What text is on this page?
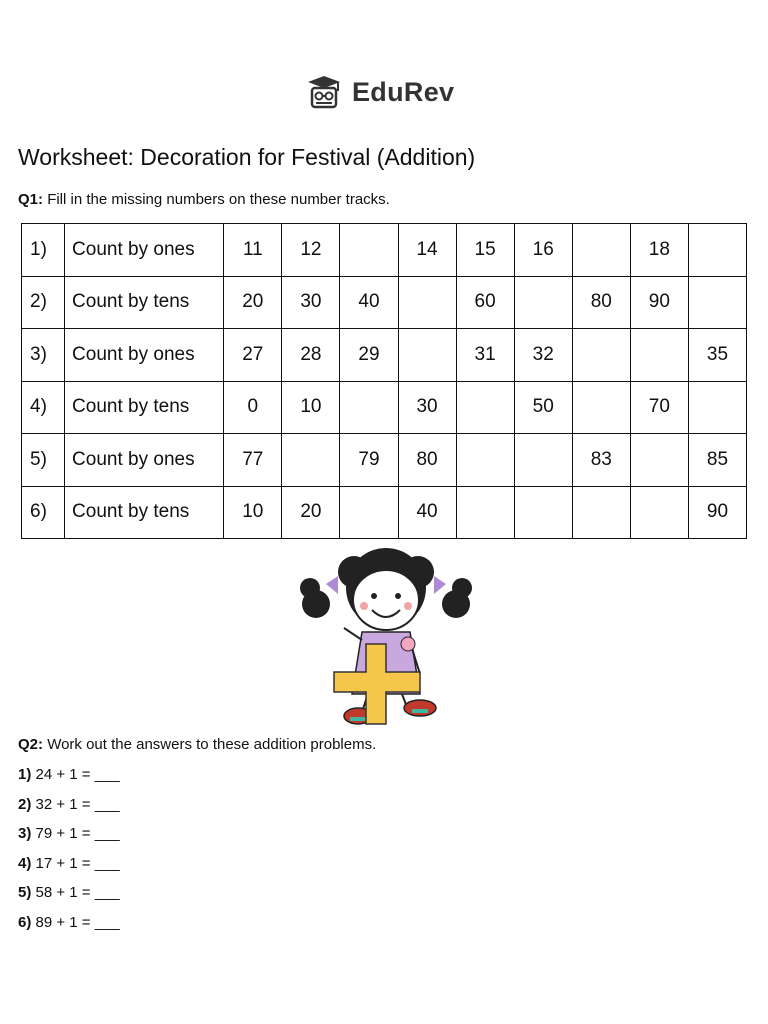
EduRev
Worksheet: Decoration for Festival (Addition)

Q1: Fill in the missing numbers on these number tracks.

1)	Count by ones	11	12		14	15	16		18	
2)	Count by tens	20	30	40		60		80	90	
3)	Count by ones	27	28	29		31	32			35
4)	Count by tens	0	10		30		50		70	
5)	Count by ones	77		79	80			83		85
6)	Count by tens	10	20		40					90

Q2: Work out the answers to these addition problems.

1) 24 + 1 = ___
2) 32 + 1 = ___
3) 79 + 1 = ___
4) 17 + 1 = ___
5) 58 + 1 = ___
6) 89 + 1 = ___
